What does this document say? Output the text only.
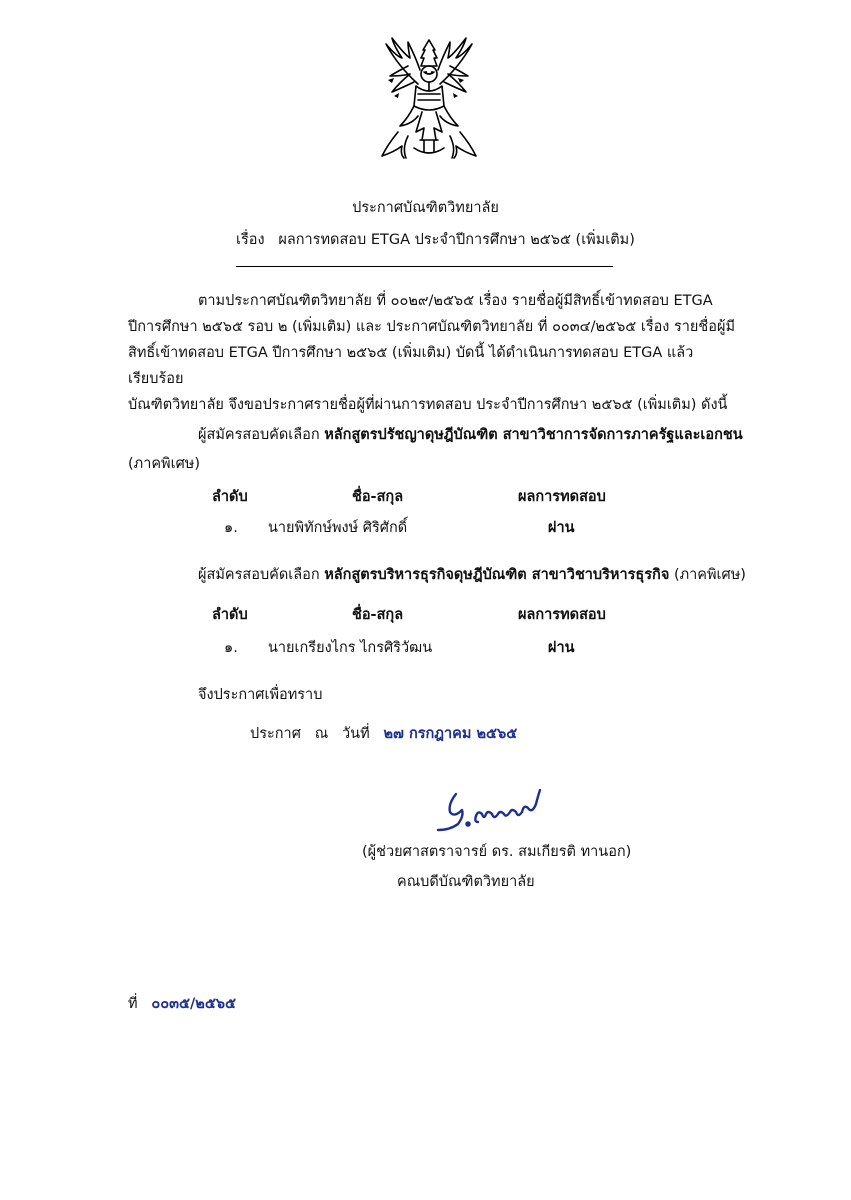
ประกาศบัณฑิตวิทยาลัย
เรื่อง ผลการทดสอบ ETGA ประจำปีการศึกษา ๒๕๖๕ (เพิ่มเติม)

ตามประกาศบัณฑิตวิทยาลัย ที่ ๐๐๒๙/๒๕๖๕ เรื่อง รายชื่อผู้มีสิทธิ์เข้าทดสอบ ETGA

ปีการศึกษา ๒๕๖๕ รอบ ๒ (เพิ่มเติม) และ ประกาศบัณฑิตวิทยาลัย ที่ ๐๐๓๔/๒๕๖๕ เรื่อง รายชื่อผู้มี

สิทธิ์เข้าทดสอบ ETGA ปีการศึกษา ๒๕๖๕ (เพิ่มเติม) บัดนี้ ได้ดำเนินการทดสอบ ETGA แล้วเรียบร้อย

บัณฑิตวิทยาลัย จึงขอประกาศรายชื่อผู้ที่ผ่านการทดสอบ ประจำปีการศึกษา ๒๕๖๕ (เพิ่มเติม) ดังนี้

ผู้สมัครสอบคัดเลือก หลักสูตรปรัชญาดุษฎีบัณฑิต สาขาวิชาการจัดการภาครัฐและเอกชน
(ภาคพิเศษ)
ลำดับ	ชื่อ-สกุล	ผลการทดสอบ
๑. นายพิทักษ์พงษ์ ศิริศักดิ์	ผ่าน
ผู้สมัครสอบคัดเลือก หลักสูตรบริหารธุรกิจดุษฎีบัณฑิต สาขาวิชาบริหารธุรกิจ (ภาคพิเศษ)
ลำดับ	ชื่อ-สกุล	ผลการทดสอบ
๑. นายเกรียงไกร ไกรศิริวัฒน	ผ่าน
จึงประกาศเพื่อทราบ
ประกาศ   ณ   วันที่ ๒๗ กรกฎาคม ๒๕๖๕
(ผู้ช่วยศาสตราจารย์ ดร. สมเกียรติ ทานอก)
คณบดีบัณฑิตวิทยาลัย
ที่ ๐๐๓๕/๒๕๖๕
